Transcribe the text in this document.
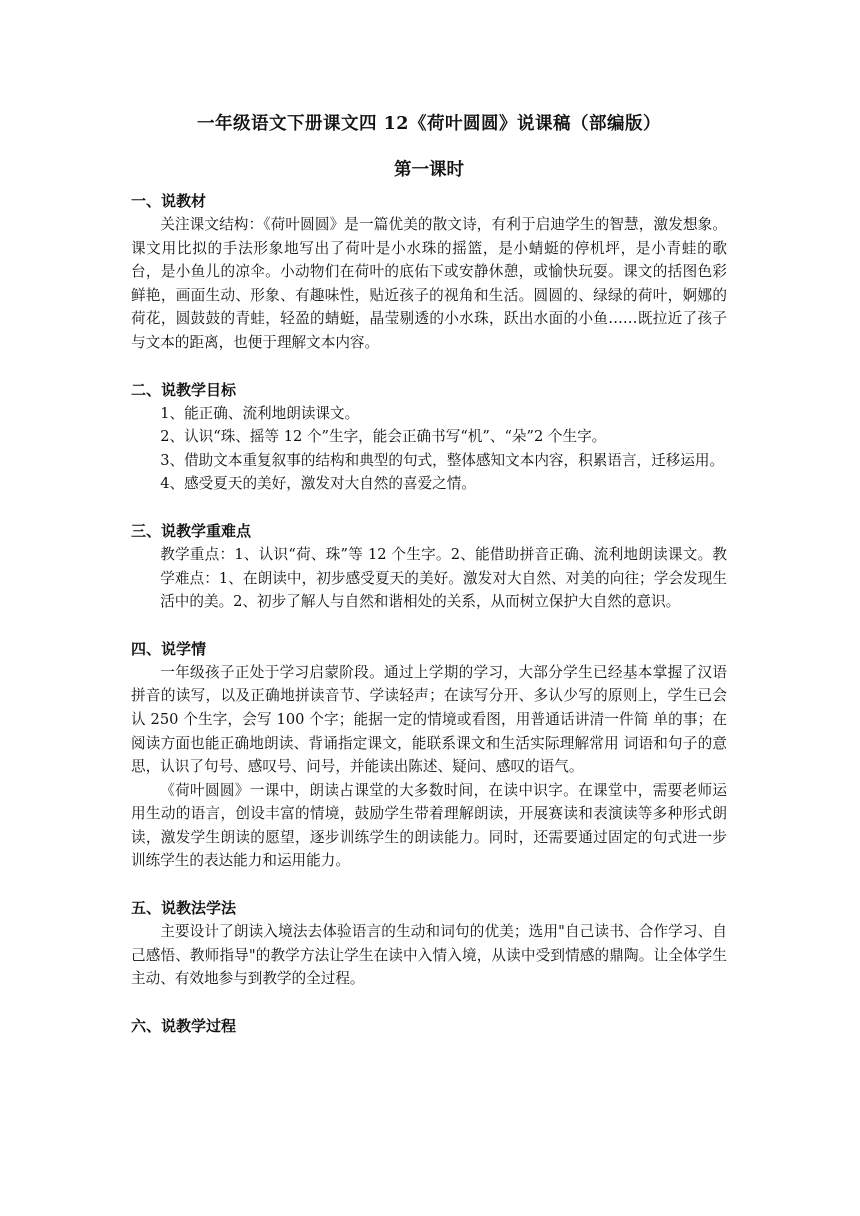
一年级语文下册课文四 12《荷叶圆圆》说课稿（部编版）
第一课时
一、说教材

关注课文结构：《荷叶圆圆》是一篇优美的散文诗，有利于启迪学生的智慧，激发想象。课文用比拟的手法形象地写出了荷叶是小水珠的摇篮，是小蜻蜓的停机坪，是小青蛙的歌台，是小鱼儿的凉伞。小动物们在荷叶的底佑下或安静休憩，或愉快玩耍。课文的括图色彩鲜艳，画面生动、形象、有趣味性，贴近孩子的视角和生活。圆圆的、绿绿的荷叶，婀娜的荷花，圆鼓鼓的青蛙，轻盈的蜻蜓，晶莹剔透的小水珠，跃出水面的小鱼……既拉近了孩子与文本的距离，也便于理解文本内容。

二、说教学目标

1、能正确、流利地朗读课文。

2、认识“珠、摇等 12 个”生字，能会正确书写“机”、“朵”2 个生字。

3、借助文本重复叙事的结构和典型的句式，整体感知文本内容，积累语言，迁移运用。

4、感受夏天的美好，激发对大自然的喜爱之情。

三、说教学重难点

教学重点：1、认识“荷、珠”等 12 个生字。2、能借助拼音正确、流利地朗读课文。教学难点：1、在朗读中，初步感受夏天的美好。激发对大自然、对美的向往；学会发现生活中的美。2、初步了解人与自然和谐相处的关系，从而树立保护大自然的意识。

四、说学情

一年级孩子正处于学习启蒙阶段。通过上学期的学习，大部分学生已经基本掌握了汉语拼音的读写，以及正确地拼读音节、学读轻声；在读写分开、多认少写的原则上，学生已会认 250 个生字，会写 100 个字；能据一定的情境或看图，用普通话讲清一件简 单的事；在阅读方面也能正确地朗读、背诵指定课文，能联系课文和生活实际理解常用 词语和句子的意思，认识了句号、感叹号、问号，并能读出陈述、疑问、感叹的语气。

《荷叶圆圆》一课中，朗读占课堂的大多数时间，在读中识字。在课堂中，需要老师运用生动的语言，创设丰富的情境，鼓励学生带着理解朗读，开展赛读和表演读等多种形式朗读，激发学生朗读的愿望，逐步训练学生的朗读能力。同时，还需要通过固定的句式进一步训练学生的表达能力和运用能力。

五、说教法学法

主要设计了朗读入境法去体验语言的生动和词句的优美；选用"自己读书、合作学习、自己感悟、教师指导"的教学方法让学生在读中入情入境，从读中受到情感的鼎陶。让全体学生主动、有效地参与到教学的全过程。

六、说教学过程
